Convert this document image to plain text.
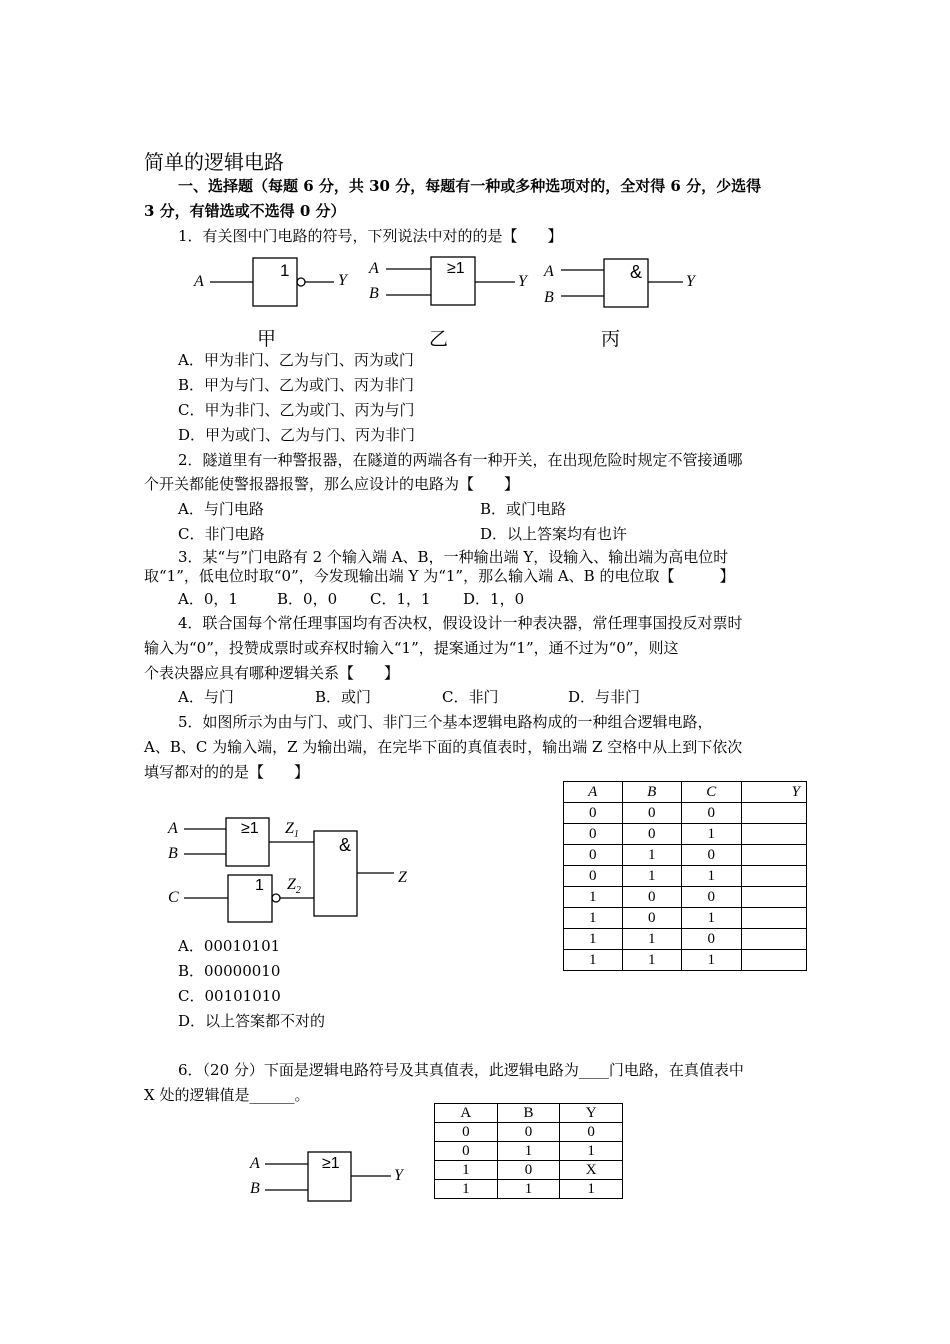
简单的逻辑电路
一、选择题（每题 6 分，共 30 分，每题有一种或多种选项对的，全对得 6 分，少选得
3 分，有错选或不选得 0 分）
1．有关图中门电路的符号，下列说法中对的的是【　　】
A
1
Y
甲
A
B
≥1
Y
乙
A
B
&	Y
丙
A．甲为非门、乙为与门、丙为或门
B．甲为与门、乙为或门、丙为非门
C．甲为非门、乙为或门、丙为与门
D．甲为或门、乙为与门、丙为非门
2．隧道里有一种警报器，在隧道的两端各有一种开关，在出现危险时规定不管接通哪
个开关都能使警报器报警，那么应设计的电路为【　　】
A．与门电路	B．或门电路
C．非门电路	D．以上答案均有也许
3．某“与”门电路有 2 个输入端 A、B，一种输出端 Y，设输入、输出端为高电位时
取“1”，低电位时取“0”，今发现输出端 Y 为“1”，那么输入端 A、B 的电位取【　　　】
A．0，1	B．0，0 C．1，1 D．1，0
4．联合国每个常任理事国均有否决权，假设设计一种表决器，常任理事国投反对票时
输入为“0”，投赞成票时或弃权时输入“1”，提案通过为“1”，通不过为“0”，则这
个表决器应具有哪种逻辑关系【　　】
A．与门	B．或门	C．非门	D．与非门
5．如图所示为由与门、或门、非门三个基本逻辑电路构成的一种组合逻辑电路，
A、B、C 为输入端，Z 为输出端，在完毕下面的真值表时，输出端 Z 空格中从上到下依次
填写都对的的是【　　】
A
B
C
≥1
1
&
$Z_1$
$Z_2$
Z
A	B	C	Y
0	0	0	
0	0	1	
0	1	0	
0	1	1	
1	0	0	
1	0	1	
1	1	0	
1	1	1	
A．00010101
B．00000010
C．00101010
D．以上答案都不对的
6．（20 分）下面是逻辑电路符号及其真值表，此逻辑电路为____门电路，在真值表中
X 处的逻辑值是______。
A
B
≥1
Y
A	B	Y
0	0	0
0	1	1
1	0	X
1	1	1
